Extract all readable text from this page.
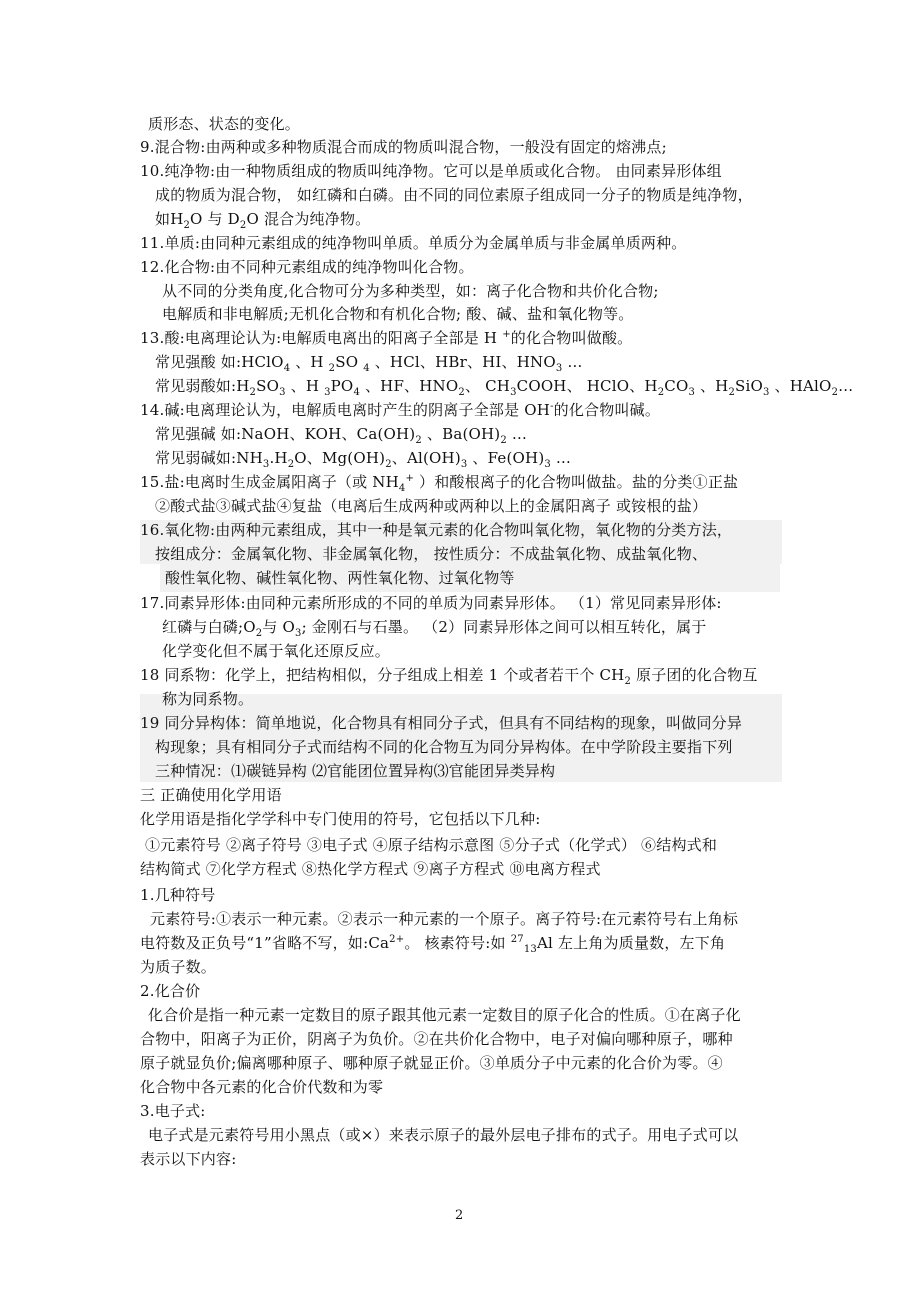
质形态、状态的变化。
9.混合物:由两种或多种物质混合而成的物质叫混合物，一般没有固定的熔沸点;
10.纯净物:由一种物质组成的物质叫纯净物。它可以是单质或化合物。 由同素异形体组
成的物质为混合物， 如红磷和白磷。由不同的同位素原子组成同一分子的物质是纯净物，
如$H_2O$ 与 $D_2O$ 混合为纯净物。
11.单质:由同种元素组成的纯净物叫单质。单质分为金属单质与非金属单质两种。
12.化合物:由不同种元素组成的纯净物叫化合物。
从不同的分类角度,化合物可分为多种类型，如：离子化合物和共价化合物;
电解质和非电解质;无机化合物和有机化合物; 酸、碱、盐和氧化物等。
13.酸:电离理论认为:电解质电离出的阳离子全部是 H +的化合物叫做酸。
常见强酸 如:HClO$_4$ 、H $_2$SO $_4$ 、HCl、HBr、HI、$HNO_3$ …
常见弱酸如$:H_2SO_3$ 、H $_3PO_4$ 、HF、$HNO_2$、 $CH_3COOH$、 HClO、$H_2CO_3$ 、$H_2SiO_3$ 、HAlO$_2$…
14.碱:电离理论认为，电解质电离时产生的阴离子全部是 OH-的化合物叫碱。
常见强碱 如:NaOH、KOH、$Ca(OH)_2$ 、$Ba(OH)_2$ …
常见弱碱如$:NH_3.H_2O$、$Mg(OH)_2$、$Al(OH)_3$ 、$Fe(OH)_3$ …
15.盐:电离时生成金属阳离子（或 $NH_4^+$ ）和酸根离子的化合物叫做盐。盐的分类①正盐
②酸式盐③碱式盐④复盐（电离后生成两种或两种以上的金属阳离子 或铵根的盐）
16.氧化物:由两种元素组成，其中一种是氧元素的化合物叫氧化物，氧化物的分类方法，
按组成分：金属氧化物、非金属氧化物， 按性质分：不成盐氧化物、成盐氧化物、
酸性氧化物、碱性氧化物、两性氧化物、过氧化物等
17.同素异形体:由同种元素所形成的不同的单质为同素异形体。 （1）常见同素异形体:
红磷与白磷$;O_2$与 $O_3$; 金刚石与石墨。 （2）同素异形体之间可以相互转化，属于
化学变化但不属于氧化还原反应。
18 同系物：化学上，把结构相似，分子组成上相差 1 个或者若干个 $CH_2$ 原子团的化合物互
称为同系物。
19 同分异构体：简单地说，化合物具有相同分子式，但具有不同结构的现象，叫做同分异
构现象；具有相同分子式而结构不同的化合物互为同分异构体。在中学阶段主要指下列
三种情况：⑴碳链异构 ⑵官能团位置异构⑶官能团异类异构
三 正确使用化学用语
化学用语是指化学学科中专门使用的符号，它包括以下几种:
①元素符号 ②离子符号 ③电子式 ④原子结构示意图 ⑤分子式（化学式） ⑥结构式和
结构简式 ⑦化学方程式 ⑧热化学方程式 ⑨离子方程式 ⑩电离方程式
1.几种符号
元素符号:①表示一种元素。②表示一种元素的一个原子。离子符号:在元素符号右上角标
电符数及正负号“1”省略不写，如$:Ca^{2+}$。 核素符号:如 $^{27}_{13}$Al 左上角为质量数，左下角
为质子数。
2.化合价
化合价是指一种元素一定数目的原子跟其他元素一定数目的原子化合的性质。①在离子化
合物中，阳离子为正价，阴离子为负价。②在共价化合物中，电子对偏向哪种原子，哪种
原子就显负价;偏离哪种原子、哪种原子就显正价。③单质分子中元素的化合价为零。④
化合物中各元素的化合价代数和为零
3.电子式:
电子式是元素符号用小黑点（或×）来表示原子的最外层电子排布的式子。用电子式可以
表示以下内容:
2
